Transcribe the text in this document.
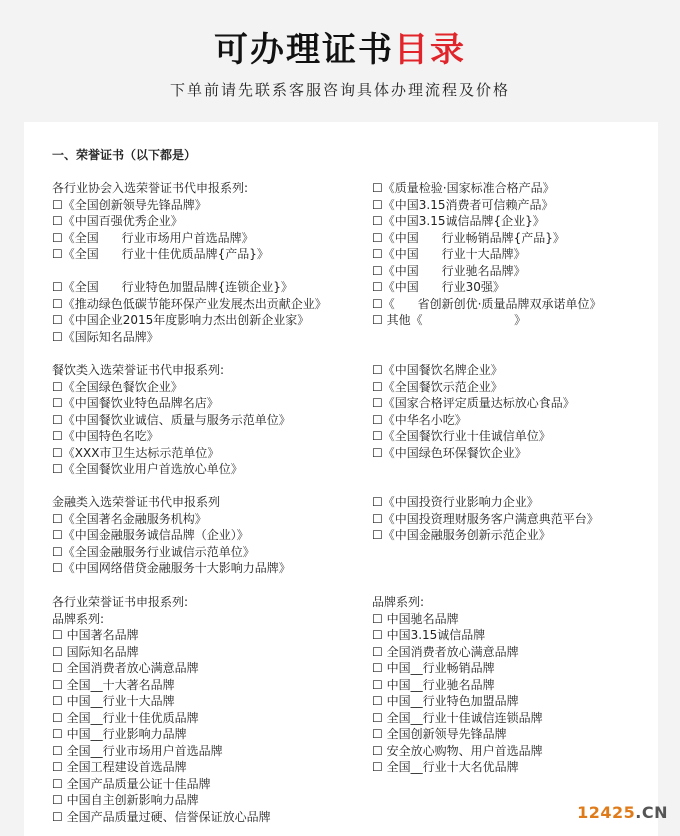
可办理证书目录
下单前请先联系客服咨询具体办理流程及价格
一、荣誉证书（以下都是）
各行业协会入选荣誉证书代申报系列:
☐《全国创新领导先锋品牌》
☐《中国百强优秀企业》
☐《全国      行业市场用户首选品牌》
☐《全国      行业十佳优质品牌{产品}》
☐《全国      行业特色加盟品牌{连锁企业}》
☐《推动绿色低碳节能环保产业发展杰出贡献企业》
☐《中国企业2015年度影响力杰出创新企业家》
☐《国际知名品牌》
☐《质量检验·国家标准合格产品》
☐《中国3.15消费者可信赖产品》
☐《中国3.15诚信品牌{企业}》
☐《中国      行业畅销品牌{产品}》
☐《中国      行业十大品牌》
☐《中国      行业驰名品牌》
☐《中国      行业30强》
☐《      省创新创优·质量品牌双承诺单位》
☐ 其他《                        》
餐饮类入选荣誉证书代申报系列:
☐《全国绿色餐饮企业》
☐《中国餐饮业特色品牌名店》
☐《中国餐饮业诚信、质量与服务示范单位》
☐《中国特色名吃》
☐《XXX市卫生达标示范单位》
☐《全国餐饮业用户首选放心单位》
☐《中国餐饮名牌企业》
☐《全国餐饮示范企业》
☐《国家合格评定质量达标放心食品》
☐《中华名小吃》
☐《全国餐饮行业十佳诚信单位》
☐《中国绿色环保餐饮企业》
金融类入选荣誉证书代申报系列
☐《全国著名金融服务机构》
☐《中国金融服务诚信品牌（企业）》
☐《全国金融服务行业诚信示范单位》
☐《中国网络借贷金融服务十大影响力品牌》
☐《中国投资行业影响力企业》
☐《中国投资理财服务客户满意典范平台》
☐《中国金融服务创新示范企业》
各行业荣誉证书申报系列:
品牌系列:
☐ 中国著名品牌
☐ 国际知名品牌
☐ 全国消费者放心满意品牌
☐ 全国__十大著名品牌
☐ 中国__行业十大品牌
☐ 全国__行业十佳优质品牌
☐ 中国__行业影响力品牌
☐ 全国__行业市场用户首选品牌
☐ 全国工程建设首选品牌
☐ 全国产品质量公证十佳品牌
☐ 中国自主创新影响力品牌
☐ 全国产品质量过硬、信誉保证放心品牌
品牌系列:
☐ 中国驰名品牌
☐ 中国3.15诚信品牌
☐ 全国消费者放心满意品牌
☐ 中国__行业畅销品牌
☐ 中国__行业驰名品牌
☐ 中国__行业特色加盟品牌
☐ 全国__行业十佳诚信连锁品牌
☐ 全国创新领导先锋品牌
☐ 安全放心购物、用户首选品牌
☐ 全国__行业十大名优品牌
12425.CN
